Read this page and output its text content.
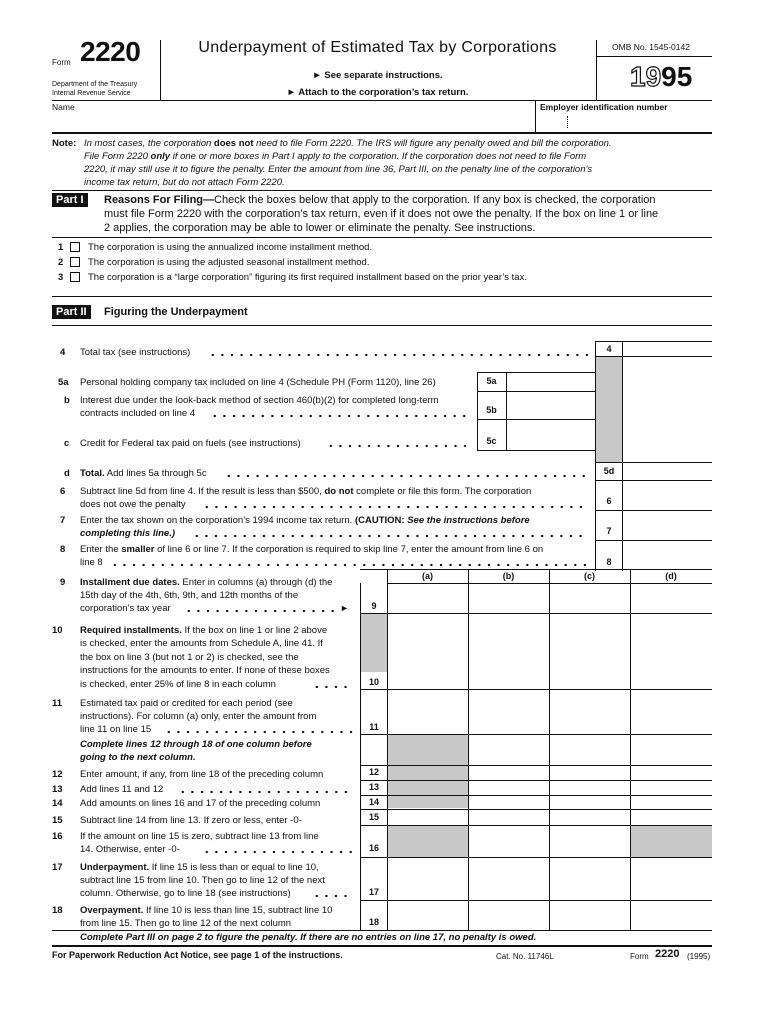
Form 2220
Department of the Treasury
Internal Revenue Service
Underpayment of Estimated Tax by Corporations
► See separate instructions.
► Attach to the corporation’s tax return.
OMB No. 1545-0142
1995
Name	Employer identification number
Note: In most cases, the corporation does not need to file Form 2220. The IRS will figure any penalty owed and bill the corporation.
File Form 2220 only if one or more boxes in Part I apply to the corporation. If the corporation does not need to file Form
2220, it may still use it to figure the penalty. Enter the amount from line 36, Part III, on the penalty line of the corporation’s
income tax return, but do not attach Form 2220.
Part I	Reasons For Filing—Check the boxes below that apply to the corporation. If any box is checked, the corporation
must file Form 2220 with the corporation’s tax return, even if it does not owe the penalty. If the box on line 1 or line
2 applies, the corporation may be able to lower or eliminate the penalty. See instructions.
1	The corporation is using the annualized income installment method.
2	The corporation is using the adjusted seasonal installment method.
3	The corporation is a “large corporation” figuring its first required installment based on the prior year’s tax.
Part II	Figuring the Underpayment
4 Total tax (see instructions)	4
5a Personal holding company tax included on line 4 (Schedule PH (Form 1120), line 26)	5a
b Interest due under the look-back method of section 460(b)(2) for completed long-term
contracts included on line 4	5b
c Credit for Federal tax paid on fuels (see instructions)	5c
d Total. Add lines 5a through 5c	5d
6 Subtract line 5d from line 4. If the result is less than $500, do not complete or file this form. The corporation
does not owe the penalty	6
7 Enter the tax shown on the corporation’s 1994 income tax return. (CAUTION: See the instructions before
completing this line.)	7
8 Enter the smaller of line 6 or line 7. If the corporation is required to skip line 7, enter the amount from line 6 on
line 8	8
(a)	(b)	(c)	(d)
9 Installment due dates. Enter in columns (a) through (d) the
15th day of the 4th, 6th, 9th, and 12th months of the
corporation’s tax year	►	9
10 Required installments. If the box on line 1 or line 2 above
is checked, enter the amounts from Schedule A, line 41. If
the box on line 3 (but not 1 or 2) is checked, see the
instructions for the amounts to enter. If none of these boxes
is checked, enter 25% of line 8 in each column	10
11 Estimated tax paid or credited for each period (see
instructions). For column (a) only, enter the amount from
line 11 on line 15	11
Complete lines 12 through 18 of one column before
going to the next column.
12 Enter amount, if any, from line 18 of the preceding column	12
13 Add lines 11 and 12	13
14 Add amounts on lines 16 and 17 of the preceding column	14
15 Subtract line 14 from line 13. If zero or less, enter -0-	15
16 If the amount on line 15 is zero, subtract line 13 from line
14. Otherwise, enter -0-	16
17 Underpayment. If line 15 is less than or equal to line 10,
subtract line 15 from line 10. Then go to line 12 of the next
column. Otherwise, go to line 18 (see instructions)	17
18 Overpayment. If line 10 is less than line 15, subtract line 10
from line 15. Then go to line 12 of the next column	18
Complete Part III on page 2 to figure the penalty. If there are no entries on line 17, no penalty is owed.
For Paperwork Reduction Act Notice, see page 1 of the instructions.	Cat. No. 11746L	Form 2220 (1995)
